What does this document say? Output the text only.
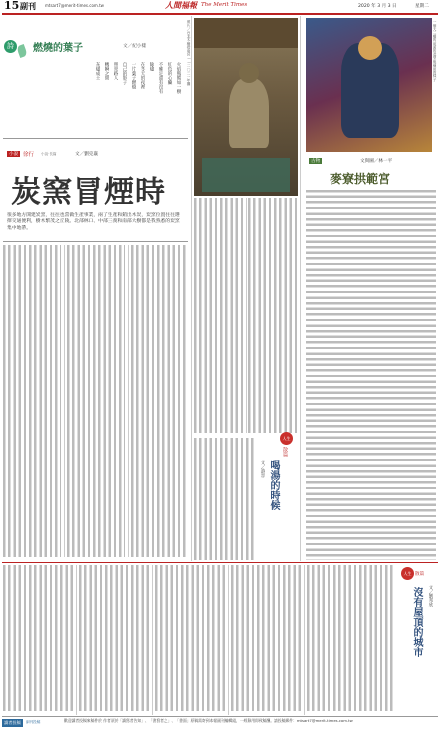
15 副刊 mtsart7@merit-times.com.tw	人間福報 The Merit Times	2020 年 3 月 3 日	星期二
詩	燃燒的葉子	文／紀小樣
火焰熊熊如一樹
紅色的心臟
不確定還有沒有
餘燼
在冬天的夜裡
一片葉子燃燒
自己的影子
照亮路人
轉瞬之間
灰燼成土
小說 徐行 小說‧長篇	文／劉克襄
炭窯冒煙時
很多地方開建炭窯，往往也當做生產事業，兩了生產和銷出木炭，炭窯位置往往選擇交通便利，樹木繁茂之丘陵。北部林口、中部三義和南部大樹都是我熟悉的炭窯集中地帶。
人生
散篇
喝湯的時候
文／游容
照片／台北木柵指南宮——二〇二一年攝	一個大二樓的前面的造型與廟前的樣子
古物	文與圖／林一平
麥寮拱範宮
人生 散篇
文／劉邦欣
沒有屋頂的城市
讀者投稿	副刊投稿	歡迎讀者投稿來稿件於 作者須於「讀寫者告知」、「書寫者之」、「書面」原稿需寄到本報副刊編輯組，一經錄用即致稿酬。請投稿郵件：mtsart7@merit-times.com.tw
